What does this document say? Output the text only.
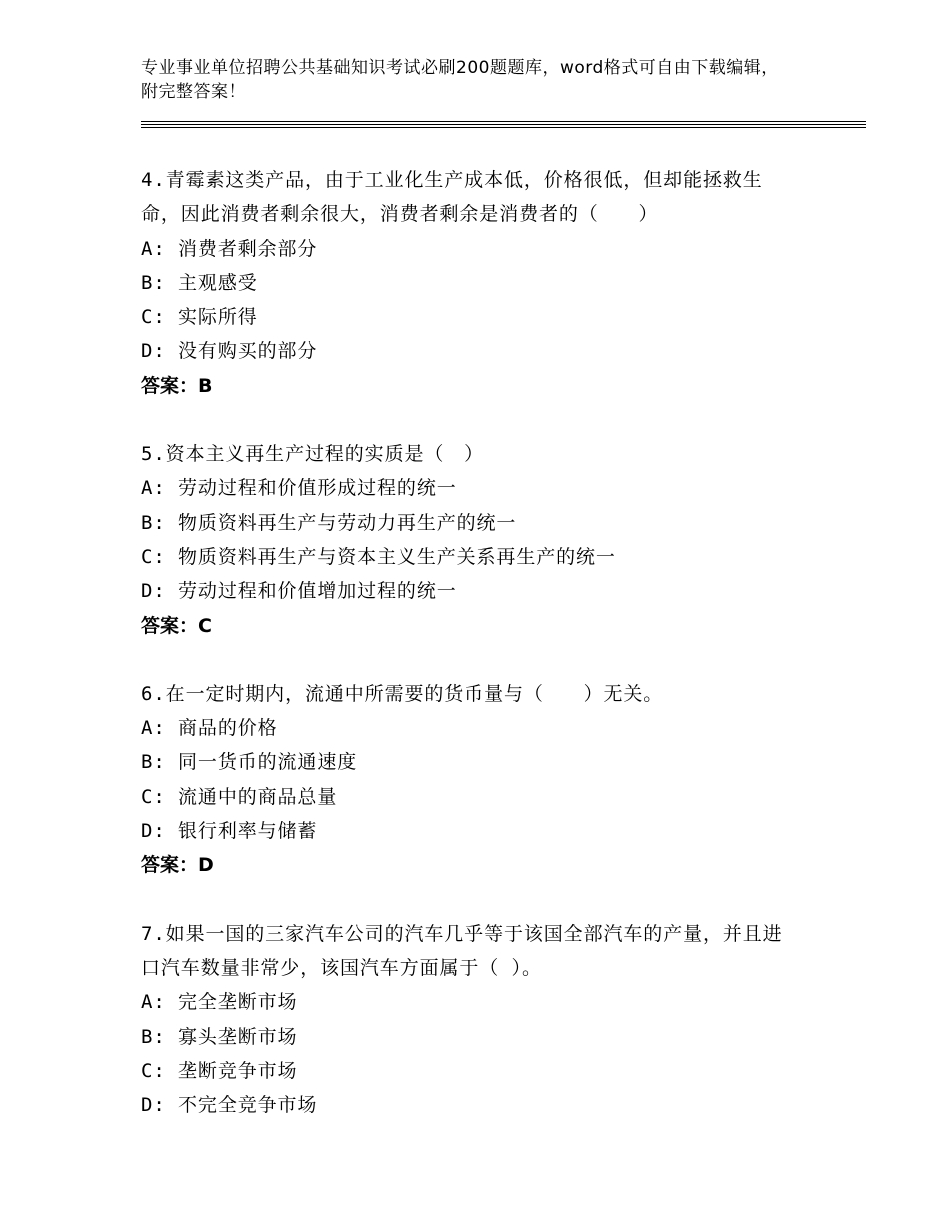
专业事业单位招聘公共基础知识考试必刷200题题库，word格式可自由下载编辑，附完整答案！
4.青霉素这类产品，由于工业化生产成本低，价格很低，但却能拯救生命，因此消费者剩余很大，消费者剩余是消费者的（　　）
A: 消费者剩余部分
B: 主观感受
C: 实际所得
D: 没有购买的部分
答案：B
5.资本主义再生产过程的实质是（　）
A: 劳动过程和价值形成过程的统一
B: 物质资料再生产与劳动力再生产的统一
C: 物质资料再生产与资本主义生产关系再生产的统一
D: 劳动过程和价值增加过程的统一
答案：C
6.在一定时期内，流通中所需要的货币量与（　　）无关。
A: 商品的价格
B: 同一货币的流通速度
C: 流通中的商品总量
D: 银行利率与储蓄
答案：D
7.如果一国的三家汽车公司的汽车几乎等于该国全部汽车的产量，并且进口汽车数量非常少，该国汽车方面属于（ ）。
A: 完全垄断市场
B: 寡头垄断市场
C: 垄断竞争市场
D: 不完全竞争市场
